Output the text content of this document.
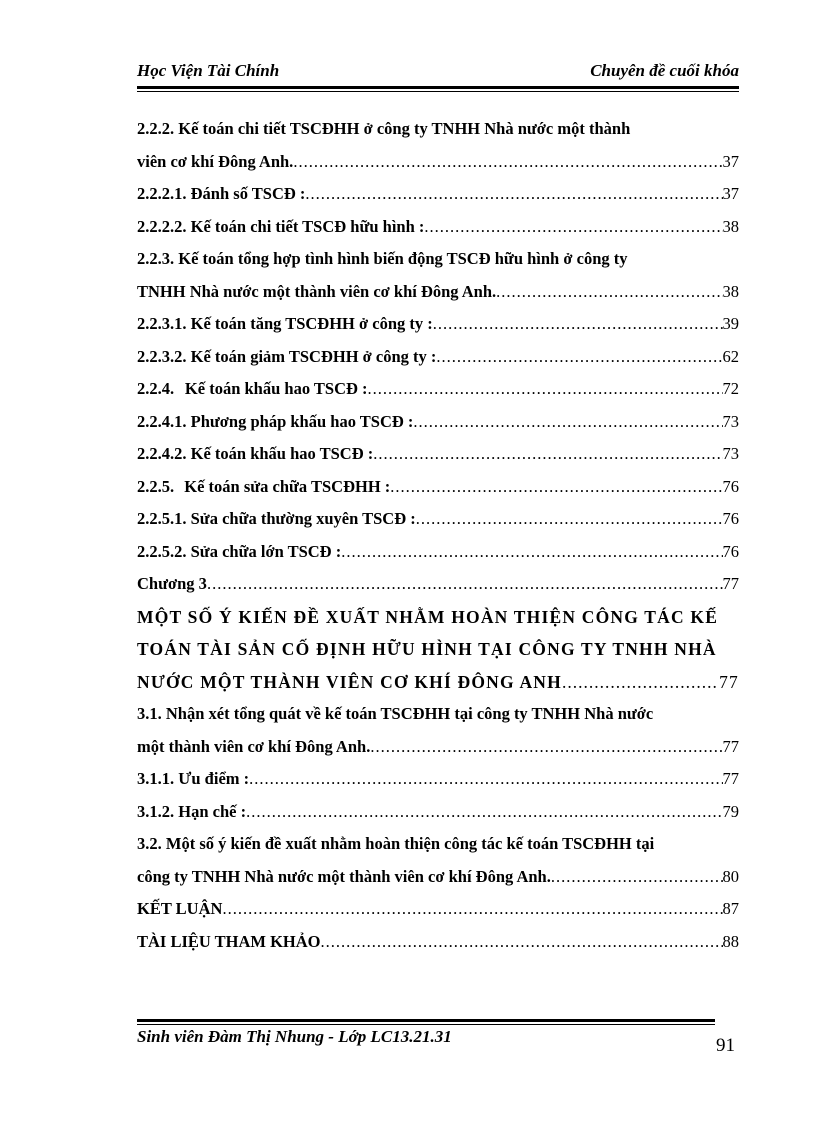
Học Viện Tài Chính	Chuyên đề cuối khóa
2.2.2. Kế toán chi tiết TSCĐHH ở công ty TNHH Nhà nước một thành
viên cơ khí Đông Anh. .....	37
2.2.2.1. Đánh số TSCĐ : .....	37
2.2.2.2. Kế toán chi tiết TSCĐ hữu hình : .....	38
2.2.3. Kế toán tổng hợp tình hình biến động TSCĐ hữu hình ở công ty
TNHH Nhà nước một thành viên cơ khí Đông Anh. .....	38
2.2.3.1. Kế toán tăng TSCĐHH ở công ty : .....	39
2.2.3.2. Kế toán giảm TSCĐHH ở công ty : .....	62
2.2.4. Kế toán khấu hao TSCĐ : .....	72
2.2.4.1. Phương pháp khấu hao TSCĐ : .....	73
2.2.4.2. Kế toán khấu hao TSCĐ : .....	73
2.2.5. Kế toán sửa chữa TSCĐHH : .....	76
2.2.5.1. Sửa chữa thường xuyên TSCĐ : .....	76
2.2.5.2. Sửa chữa lớn TSCĐ : .....	76
Chương 3 .....	77
MỘT SỐ Ý KIẾN ĐỀ XUẤT NHẰM HOÀN THIỆN CÔNG TÁC KẾ
TOÁN TÀI SẢN CỐ ĐỊNH HỮU HÌNH TẠI CÔNG TY TNHH NHÀ
NƯỚC MỘT THÀNH VIÊN CƠ KHÍ ĐÔNG ANH .....	77
3.1. Nhận xét tổng quát về kế toán TSCĐHH tại công ty TNHH Nhà nước
một thành viên cơ khí Đông Anh. .....	77
3.1.1. Ưu điểm : .....	77
3.1.2. Hạn chế : .....	79
3.2. Một số ý kiến đề xuất nhằm hoàn thiện công tác kế toán TSCĐHH tại
công ty TNHH Nhà nước một thành viên cơ khí Đông Anh. .....	80
KẾT LUẬN .....	87
TÀI LIỆU THAM KHẢO .....	88
Sinh viên Đàm Thị Nhung - Lớp LC13.21.31	91
